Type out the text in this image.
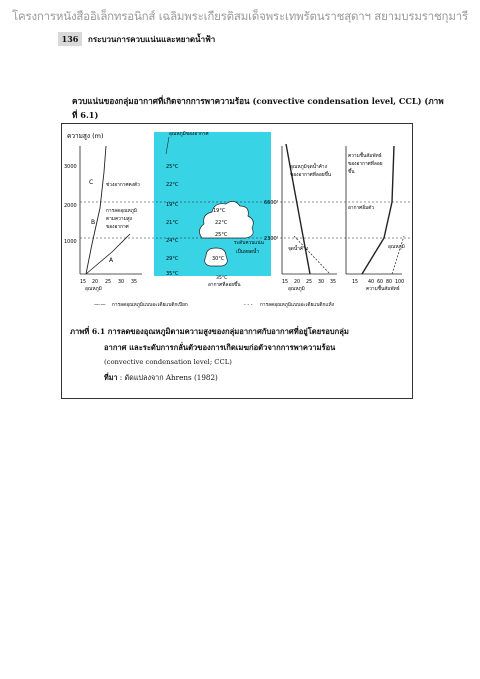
โครงการหนังสืออิเล็กทรอนิกส์ เฉลิมพระเกียรติสมเด็จพระเทพรัตนราชสุดาฯ สยามบรมราชกุมารี
136	กระบวนการควบแน่นและหยาดน้ำฟ้า
ควบแน่นของกลุ่มอากาศที่เกิดจากการพาความร้อน (convective condensation level, CCL) (ภาพ
ที่ 6.1)
ความสูง (m)	อุณหภูมิของอากาศ
3000
2000
1000
C
B
A
ช่วงอากาศคงตัว
การลดอุณหภูมิ
ตามความสูง
ของอากาศ
15 20 25 30 35
อุณหภูมิ
25°C
22°C
19°C
21°C
24°C
29°C
35°C
19°C
22°C
25°C
30°C
35°C
ระดับควบแน่น
เป็นหยดน้ำ
อากาศที่ลอยขึ้น
6600'
2300'
อุณหภูมิจุดน้ำค้าง
ของอากาศที่ลอยขึ้น
จุดน้ำค้าง
15 20 25 30 35
อุณหภูมิ
ความชื้นสัมพัทธ์
ของอากาศที่ลอย
ขึ้น
อากาศอิ่มตัว
อุณหภูมิ
15 40 60 80 100
ความชื้นสัมพัทธ์
—·— การลดอุณหภูมิแบบอะเดียแบติกเปียก	- - - การลดอุณหภูมิแบบอะเดียแบติกแห้ง
ภาพที่ 6.1 การลดของอุณหภูมิตามความสูงของกลุ่มอากาศกับอากาศที่อยู่โดยรอบกลุ่ม
อากาศ และระดับการกลั่นตัวของการเกิดเมฆก่อตัวจากการพาความร้อน
(convective condensation level; CCL)
ที่มา : ดัดแปลงจาก Ahrens (1982)
